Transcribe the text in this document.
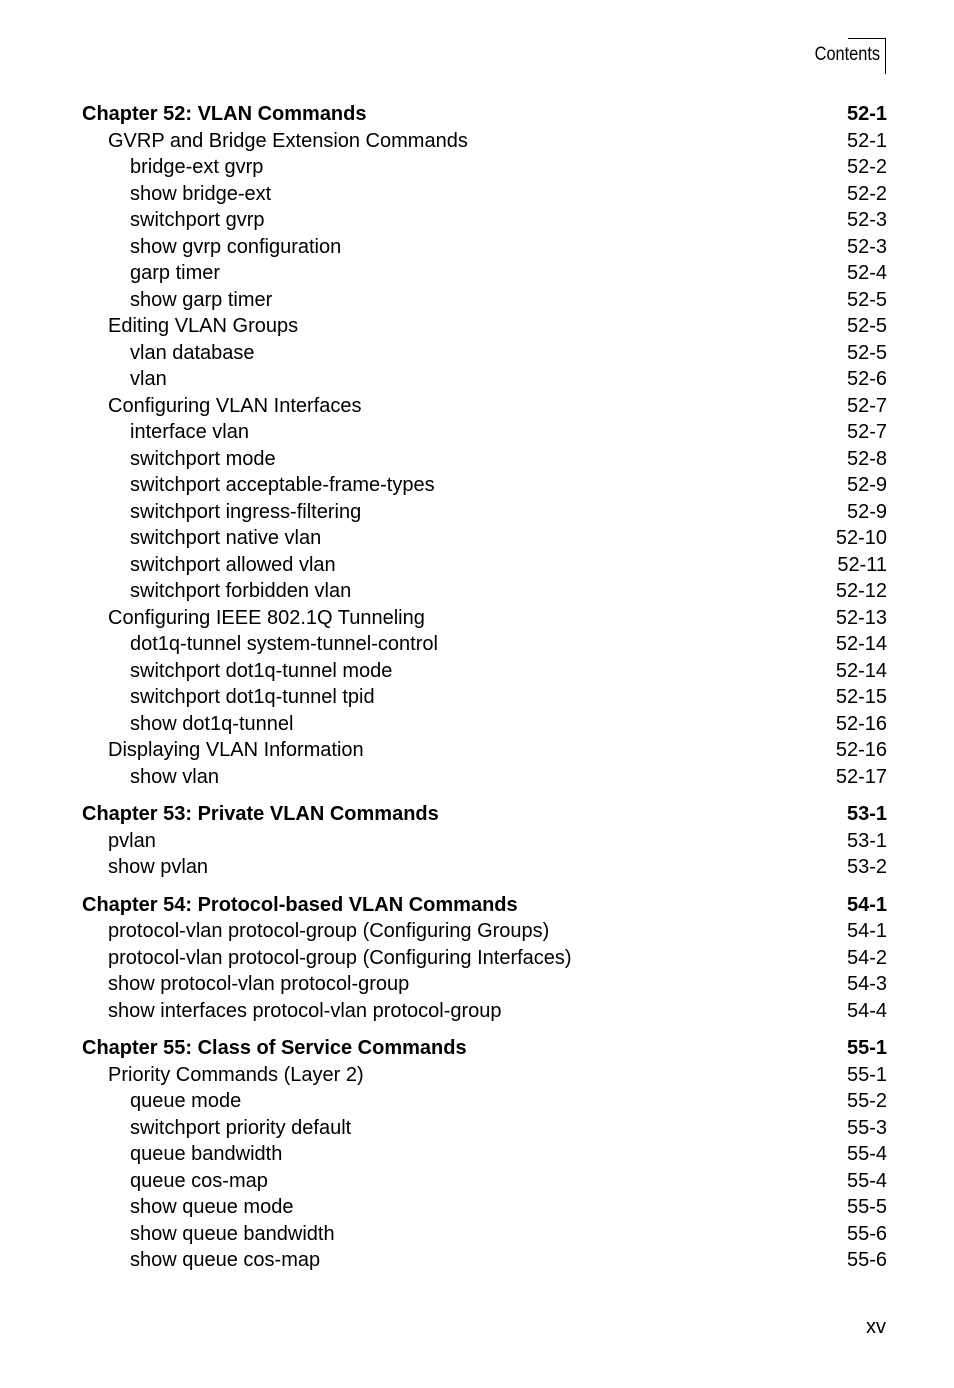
Contents
Chapter 52: VLAN Commands	52-1
GVRP and Bridge Extension Commands	52-1
bridge-ext gvrp	52-2
show bridge-ext	52-2
switchport gvrp	52-3
show gvrp configuration	52-3
garp timer	52-4
show garp timer	52-5
Editing VLAN Groups	52-5
vlan database	52-5
vlan	52-6
Configuring VLAN Interfaces	52-7
interface vlan	52-7
switchport mode	52-8
switchport acceptable-frame-types	52-9
switchport ingress-filtering	52-9
switchport native vlan	52-10
switchport allowed vlan	52-11
switchport forbidden vlan	52-12
Configuring IEEE 802.1Q Tunneling	52-13
dot1q-tunnel system-tunnel-control	52-14
switchport dot1q-tunnel mode	52-14
switchport dot1q-tunnel tpid	52-15
show dot1q-tunnel	52-16
Displaying VLAN Information	52-16
show vlan	52-17
Chapter 53: Private VLAN Commands	53-1
pvlan	53-1
show pvlan	53-2
Chapter 54: Protocol-based VLAN Commands	54-1
protocol-vlan protocol-group (Configuring Groups)	54-1
protocol-vlan protocol-group (Configuring Interfaces)	54-2
show protocol-vlan protocol-group	54-3
show interfaces protocol-vlan protocol-group	54-4
Chapter 55: Class of Service Commands	55-1
Priority Commands (Layer 2)	55-1
queue mode	55-2
switchport priority default	55-3
queue bandwidth	55-4
queue cos-map	55-4
show queue mode	55-5
show queue bandwidth	55-6
show queue cos-map	55-6
xv
